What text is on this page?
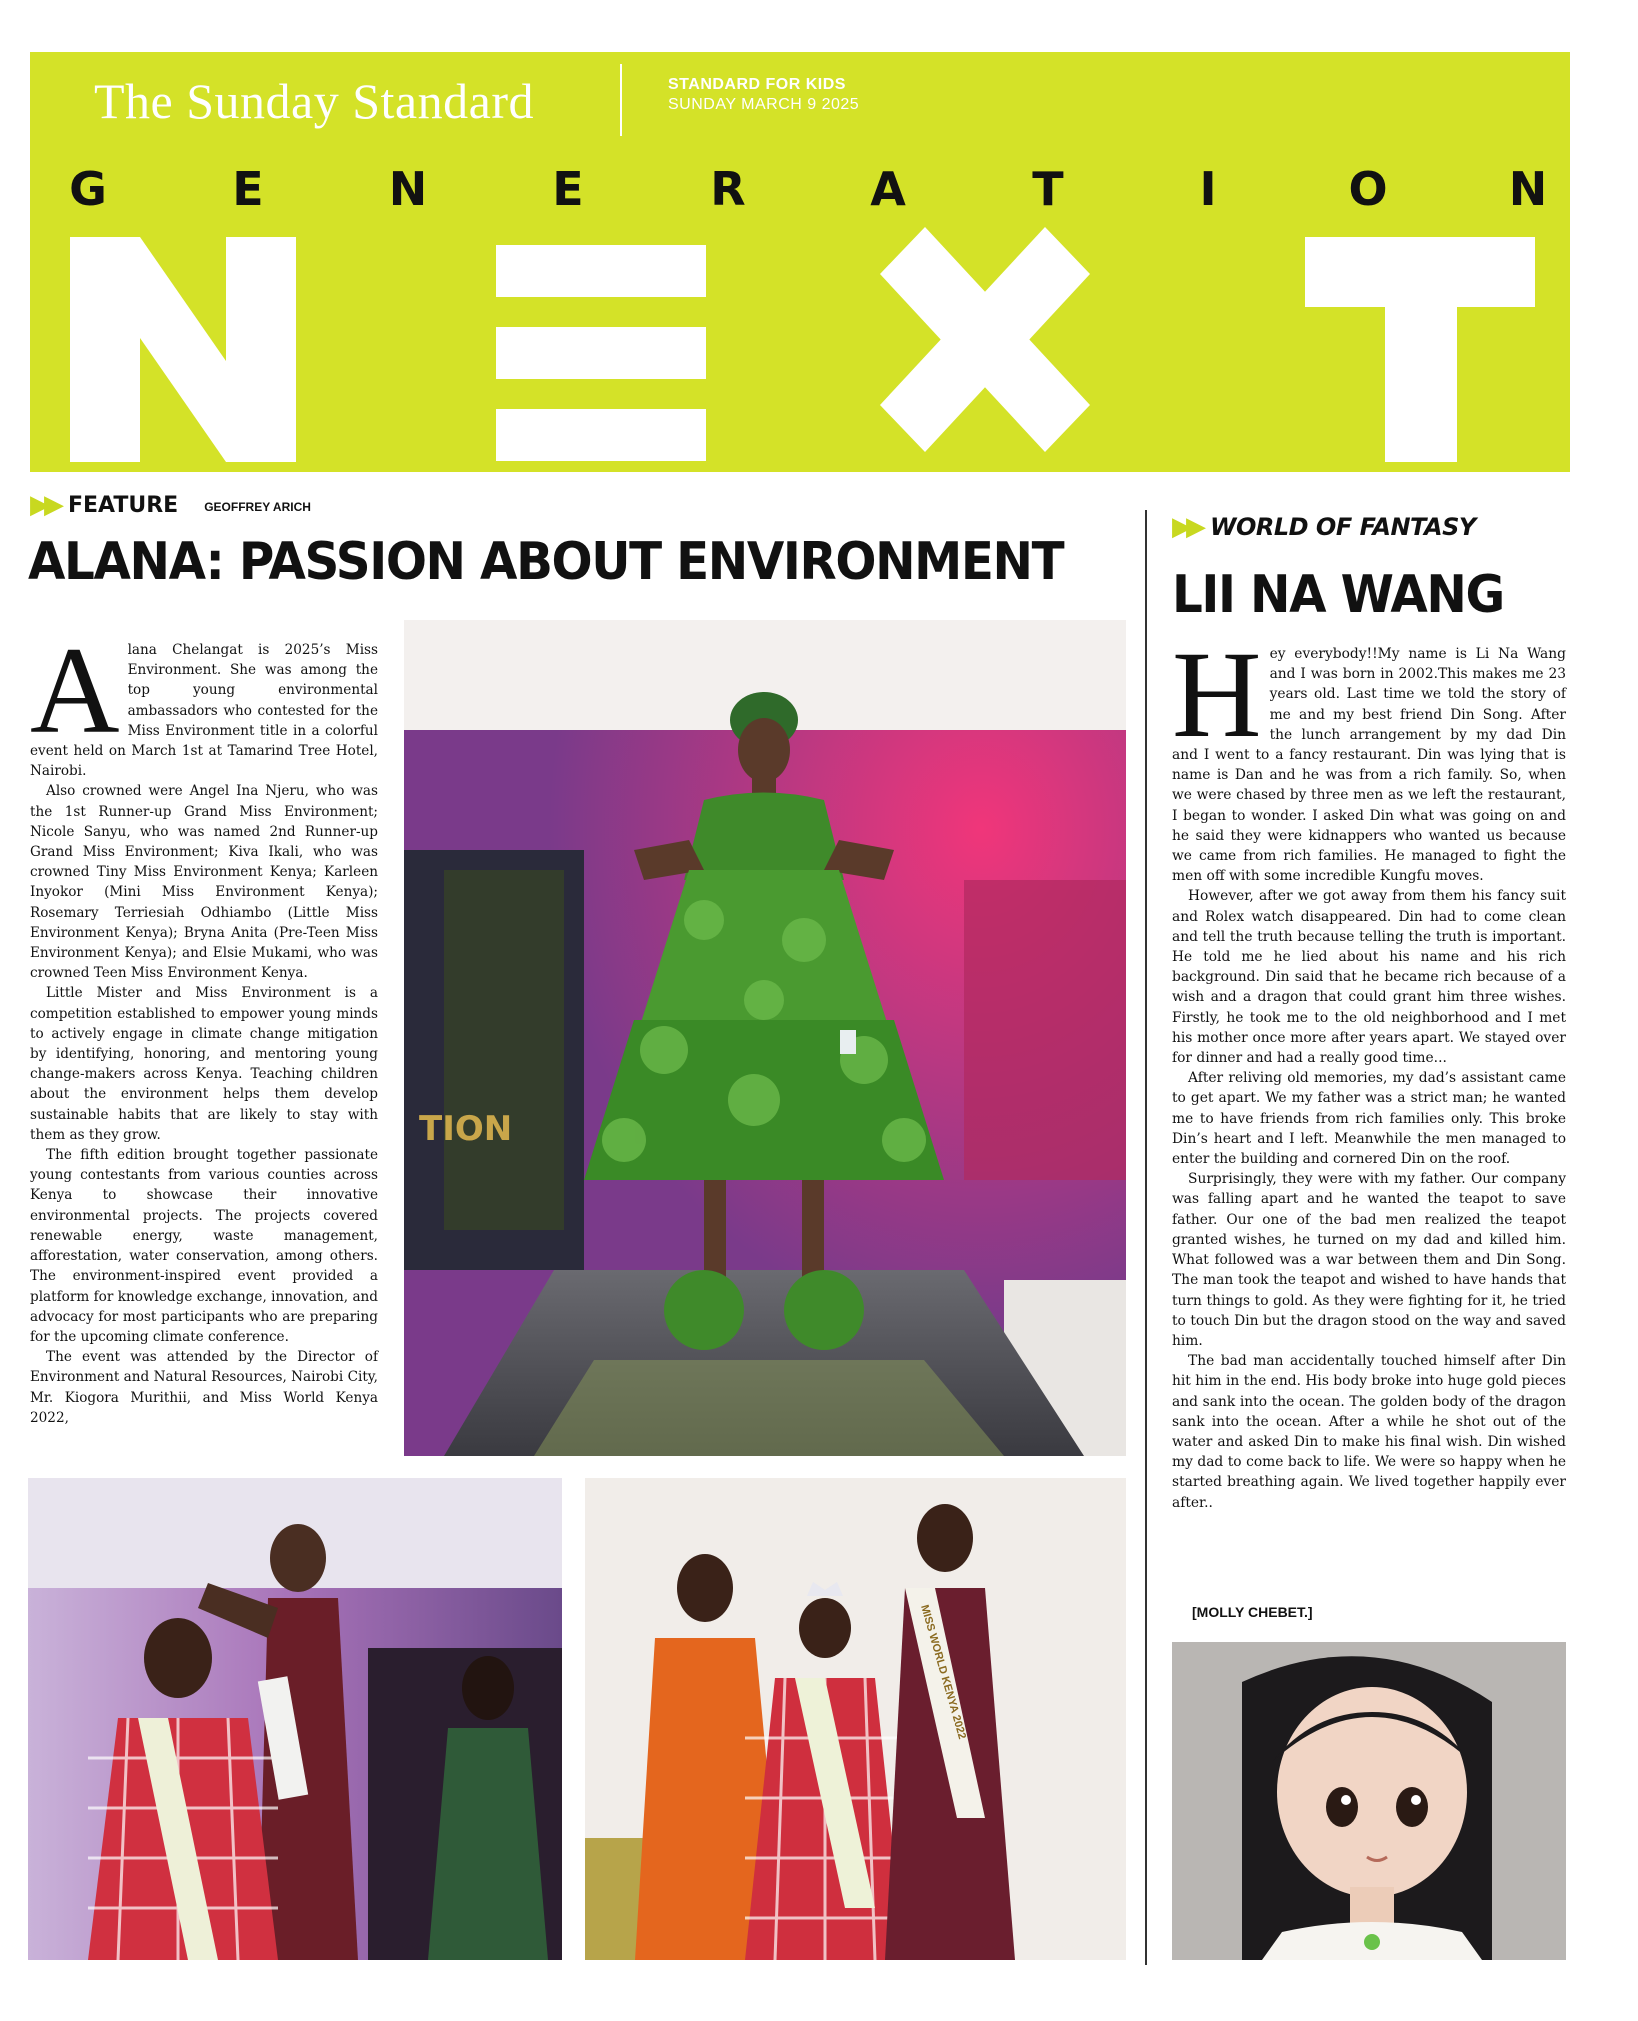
The Sunday Standard	STANDARD FOR KIDS
SUNDAY MARCH 9 2025
G	E	N	E	R	A	T	I	O	N
▶▶ FEATURE GEOFFREY ARICH
ALANA: PASSION ABOUT ENVIRONMENT

Alana Chelangat is 2025’s Miss Environment. She was among the top young environmental ambassadors who contested for the Miss Environment title in a colorful event held on March 1st at Tamarind Tree Hotel, Nairobi.

Also crowned were Angel Ina Njeru, who was the 1st Runner-up Grand Miss Environment; Nicole Sanyu, who was named 2nd Runner-up Grand Miss Environment; Kiva Ikali, who was crowned Tiny Miss Environment Kenya; Karleen Inyokor (Mini Miss Environment Kenya); Rosemary Terriesiah Odhiambo (Little Miss Environment Kenya); Bryna Anita (Pre-Teen Miss Environment Kenya); and Elsie Mukami, who was crowned Teen Miss Environment Kenya.

Little Mister and Miss Environment is a competition established to empower young minds to actively engage in climate change mitigation by identifying, honoring, and mentoring young change-makers across Kenya. Teaching children about the environment helps them develop sustainable habits that are likely to stay with them as they grow.

The fifth edition brought together passionate young contestants from various counties across Kenya to showcase their innovative environmental projects. The projects covered renewable energy, waste management, afforestation, water conservation, among others. The environment-inspired event provided a platform for knowledge exchange, innovation, and advocacy for most participants who are preparing for the upcoming climate conference.

The event was attended by the Director of Environment and Natural Resources, Nairobi City, Mr. Kiogora Murithii, and Miss World Kenya 2022,

TION
▶▶ WORLD OF FANTASY
LII NA WANG

Hey everybody!!My name is Li Na Wang and I was born in 2002.This makes me 23 years old. Last time we told the story of me and my best friend Din Song. After the lunch arrangement by my dad Din and I went to a fancy restaurant. Din was lying that is name is Dan and he was from a rich family. So, when we were chased by three men as we left the restaurant, I began to wonder. I asked Din what was going on and he said they were kidnappers who wanted us because we came from rich families. He managed to fight the men off with some incredible Kungfu moves.

However, after we got away from them his fancy suit and Rolex watch disappeared. Din had to come clean and tell the truth because telling the truth is important. He told me he lied about his name and his rich background. Din said that he became rich because of a wish and a dragon that could grant him three wishes. Firstly, he took me to the old neighborhood and I met his mother once more after years apart. We stayed over for dinner and had a really good time...

After reliving old memories, my dad’s assistant came to get apart. We my father was a strict man; he wanted me to have friends from rich families only. This broke Din’s heart and I left. Meanwhile the men managed to enter the building and cornered Din on the roof.

Surprisingly, they were with my father. Our company was falling apart and he wanted the teapot to save father. Our one of the bad men realized the teapot granted wishes, he turned on my dad and killed him. What followed was a war between them and Din Song. The man took the teapot and wished to have hands that turn things to gold. As they were fighting for it, he tried to touch Din but the dragon stood on the way and saved him.

The bad man accidentally touched himself after Din hit him in the end. His body broke into huge gold pieces and sank into the ocean. The golden body of the dragon sank into the ocean. After a while he shot out of the water and asked Din to make his final wish. Din wished my dad to come back to life. We were so happy when he started breathing again. We lived together happily ever after..

[MOLLY CHEBET.]
MISS WORLD KENYA 2022
